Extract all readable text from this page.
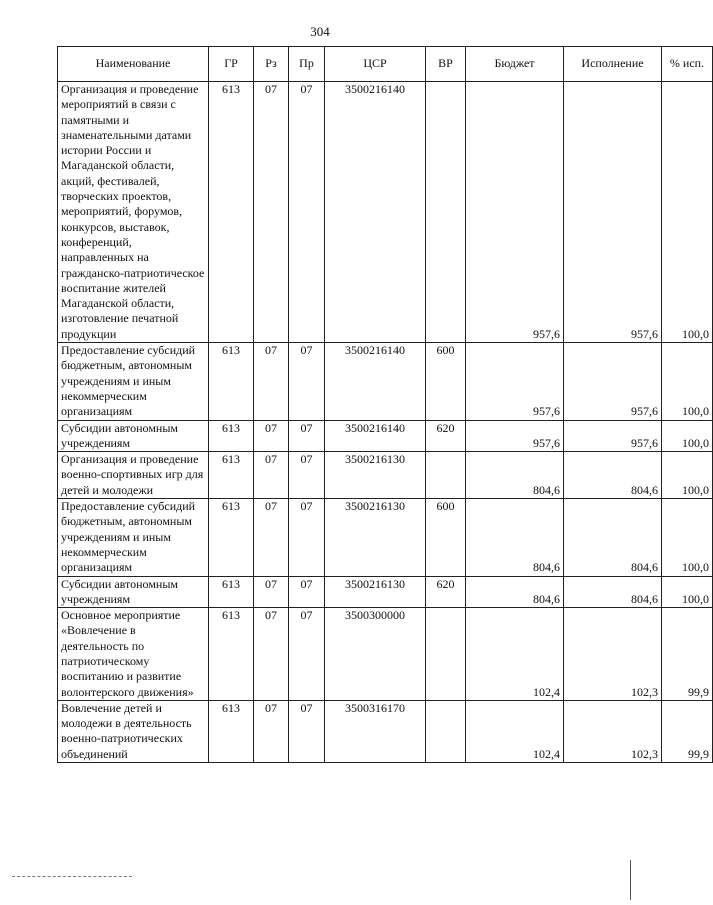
304
Наименование	ГР	Рз	Пр	ЦСР	ВР	Бюджет	Исполнение	% исп.
Организация и проведение мероприятий в связи с памятными и знаменательными датами истории России и Магаданской области, акций, фестивалей, творческих проектов, мероприятий, форумов, конкурсов, выставок, конференций, направленных на гражданско-патриотическое воспитание жителей Магаданской области, изготовление печатной продукции	613	07	07	3500216140		957,6	957,6	100,0
Предоставление субсидий бюджетным, автономным учреждениям и иным некоммерческим организациям	613	07	07	3500216140	600	957,6	957,6	100,0
Субсидии автономным учреждениям	613	07	07	3500216140	620	957,6	957,6	100,0
Организация и проведение военно-спортивных игр для детей и молодежи	613	07	07	3500216130		804,6	804,6	100,0
Предоставление субсидий бюджетным, автономным учреждениям и иным некоммерческим организациям	613	07	07	3500216130	600	804,6	804,6	100,0
Субсидии автономным учреждениям	613	07	07	3500216130	620	804,6	804,6	100,0
Основное мероприятие «Вовлечение в деятельность по патриотическому воспитанию и развитие волонтерского движения»	613	07	07	3500300000		102,4	102,3	99,9
Вовлечение детей и молодежи в деятельность военно-патриотических объединений	613	07	07	3500316170		102,4	102,3	99,9
